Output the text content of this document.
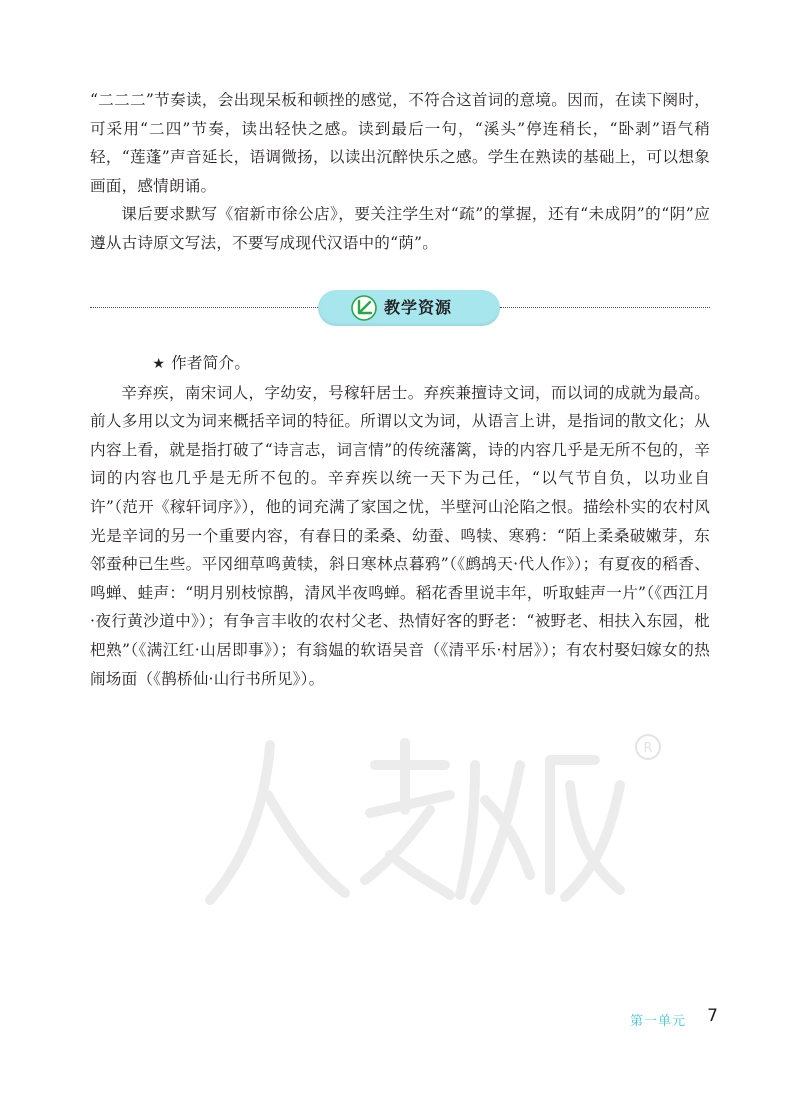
“二二二”节奏读，会出现呆板和顿挫的感觉，不符合这首词的意境。因而，在读下阕时，可采用“二四”节奏，读出轻快之感。读到最后一句，“溪头”停连稍长，“卧剥”语气稍轻，“莲蓬”声音延长，语调微扬，以读出沉醉快乐之感。学生在熟读的基础上，可以想象画面，感情朗诵。

课后要求默写《宿新市徐公店》，要关注学生对“疏”的掌握，还有“未成阴”的“阴”应遵从古诗原文写法，不要写成现代汉语中的“荫”。

教学资源

★ 作者简介。

辛弃疾，南宋词人，字幼安，号稼轩居士。弃疾兼擅诗文词，而以词的成就为最高。前人多用以文为词来概括辛词的特征。所谓以文为词，从语言上讲，是指词的散文化；从内容上看，就是指打破了“诗言志，词言情”的传统藩篱，诗的内容几乎是无所不包的，辛词的内容也几乎是无所不包的。辛弃疾以统一天下为己任，“以气节自负，以功业自许”（范开《稼轩词序》），他的词充满了家国之忧，半壁河山沦陷之恨。描绘朴实的农村风光是辛词的另一个重要内容，有春日的柔桑、幼蚕、鸣犊、寒鸦：“陌上柔桑破嫩芽，东邻蚕种已生些。平冈细草鸣黄犊，斜日寒林点暮鸦”（《鹧鸪天·代人作》）；有夏夜的稻香、鸣蝉、蛙声：“明月别枝惊鹊，清风半夜鸣蝉。稻花香里说丰年，听取蛙声一片”（《西江月·夜行黄沙道中》）；有争言丰收的农村父老、热情好客的野老：“被野老、相扶入东园，枇杷熟”（《满江红·山居即事》）；有翁媪的软语吴音（《清平乐·村居》）；有农村娶妇嫁女的热闹场面（《鹊桥仙·山行书所见》）。

R
第一单元 7
